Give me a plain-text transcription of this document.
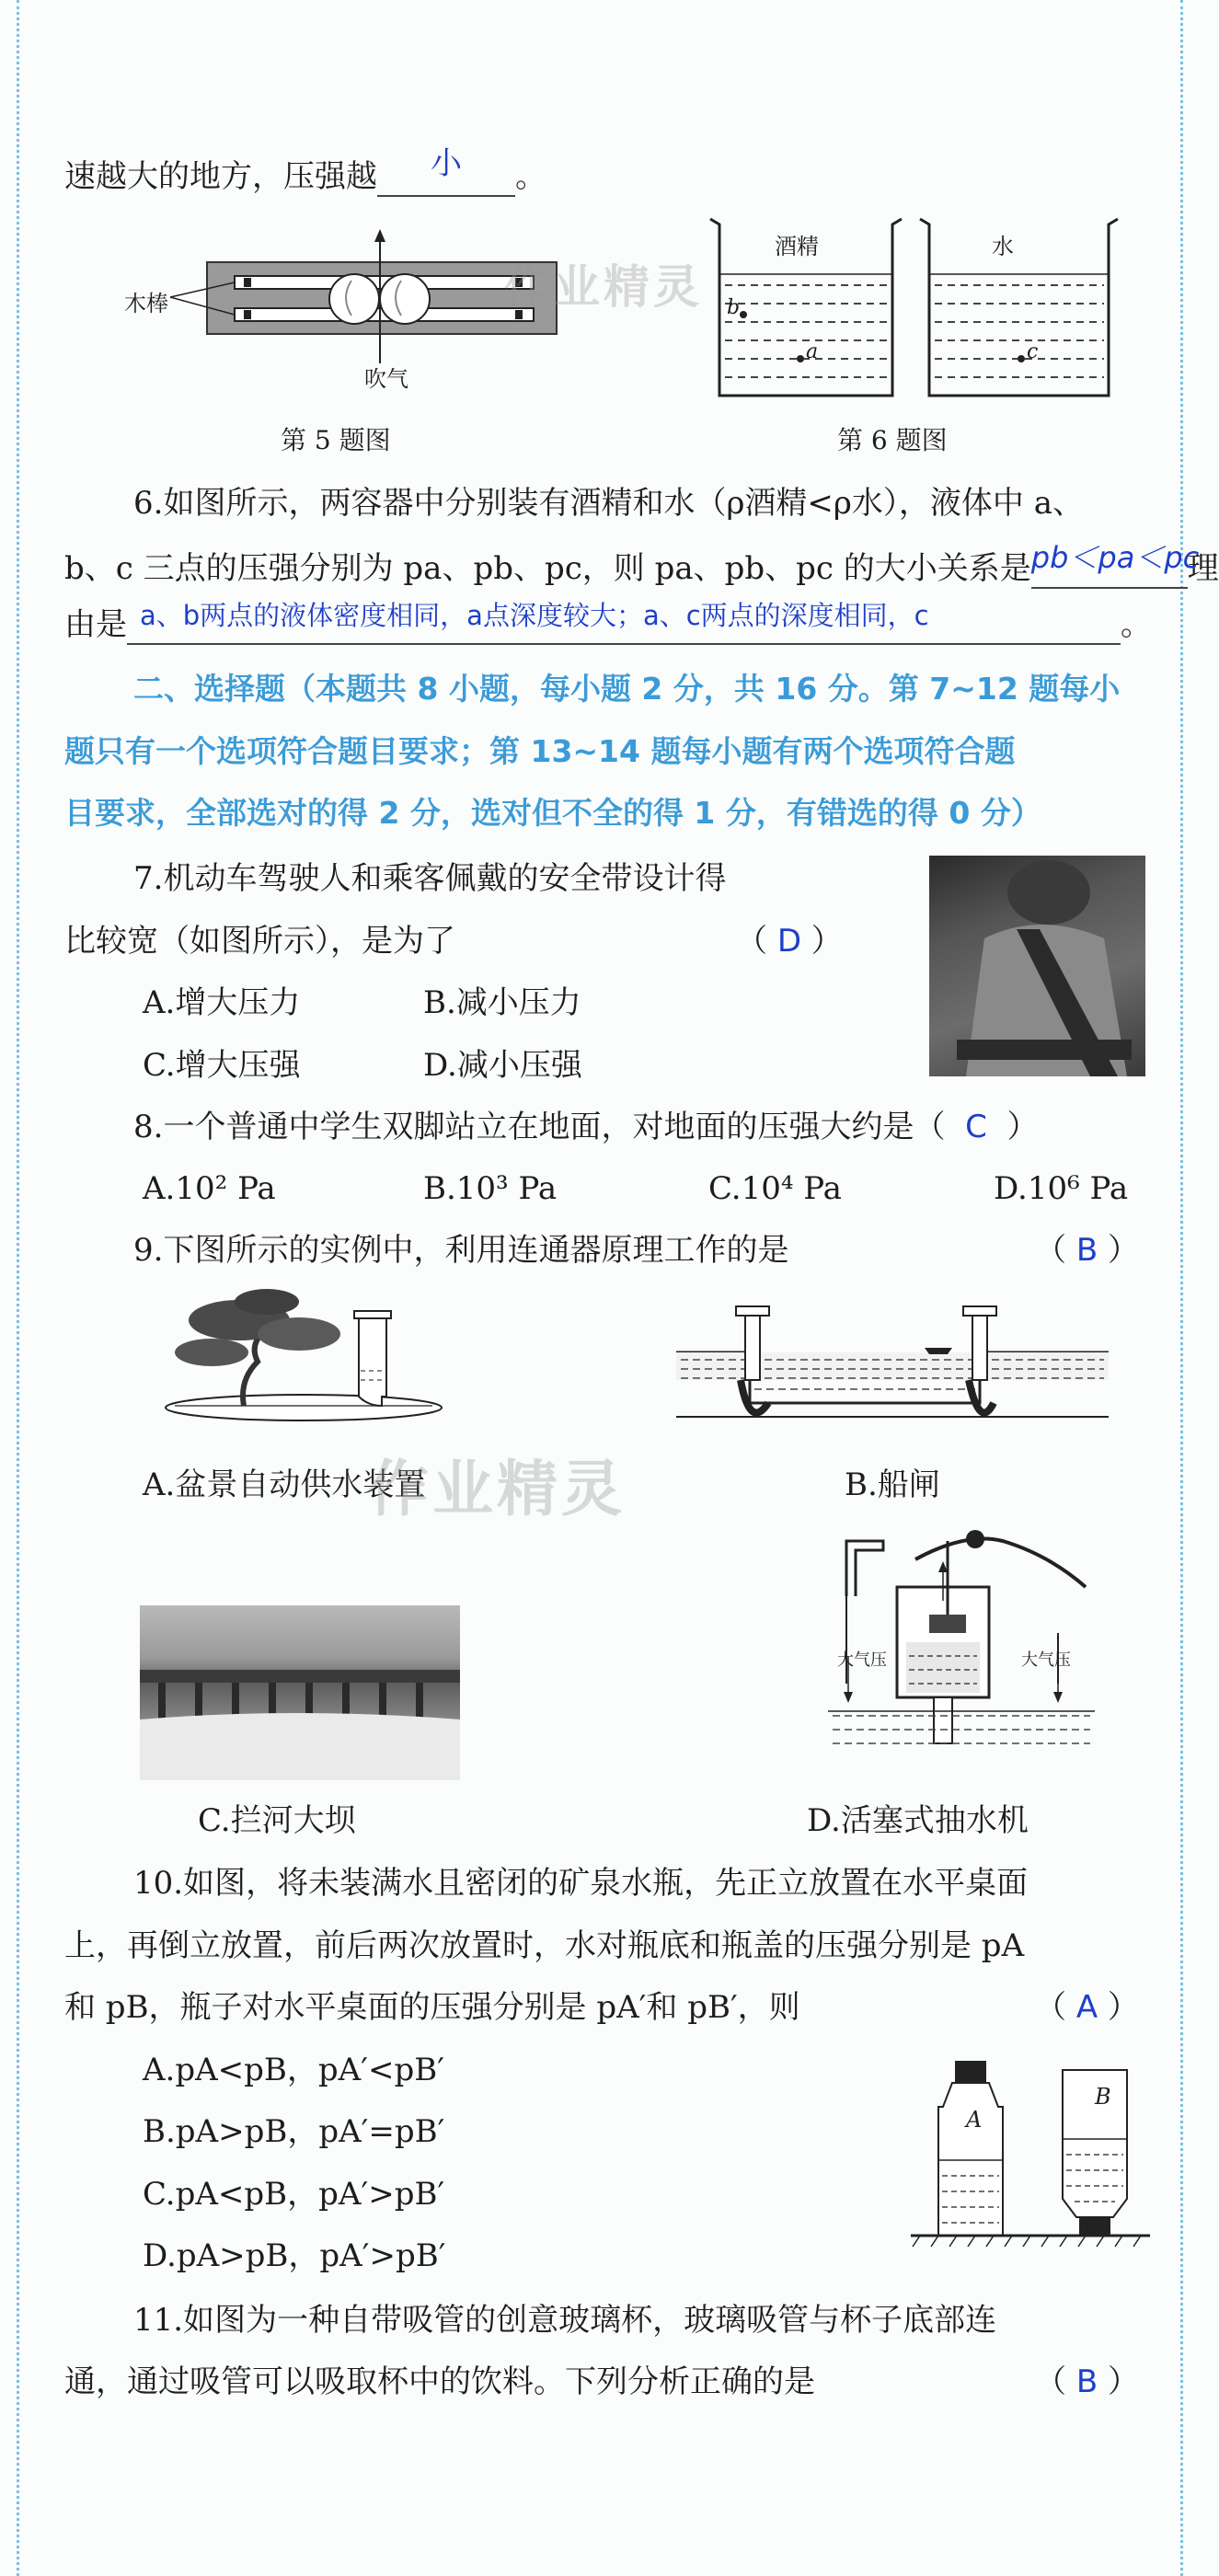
速越大的地方，压强越 小 。
木棒
吹气
第 5 题图
酒精	水
b
a	c
第 6 题图
作业精灵
6.如图所示，两容器中分别装有酒精和水（ρ酒精<ρ水），液体中 a、
b、c 三点的压强分别为 pa、pb、pc，则 pa、pb、pc 的大小关系是pb＜pa＜pc理
由是 a、b两点的液体密度相同，a点深度较大；a、c两点的深度相同，c	。
二、选择题（本题共 8 小题，每小题 2 分，共 16 分。第 7~12 题每小
题只有一个选项符合题目要求；第 13~14 题每小题有两个选项符合题
目要求，全部选对的得 2 分，选对但不全的得 1 分，有错选的得 0 分）
7.机动车驾驶人和乘客佩戴的安全带设计得
比较宽（如图所示），是为了	（ D ）
A.增大压力	B.减小压力
C.增大压强	D.减小压强
8.一个普通中学生双脚站立在地面，对地面的压强大约是（ C  ）
A.10² Pa	B.10³ Pa	C.10⁴ Pa	D.10⁶ Pa
9.下图所示的实例中，利用连通器原理工作的是	（ B ）
A.盆景自动供水装置	B.船闸
作业精灵
大气压	大气压
C.拦河大坝	D.活塞式抽水机
10.如图，将未装满水且密闭的矿泉水瓶，先正立放置在水平桌面
上，再倒立放置，前后两次放置时，水对瓶底和瓶盖的压强分别是 pA
和 pB，瓶子对水平桌面的压强分别是 pA′和 pB′，则	（ A ）
A.pA<pB，pA′<pB′
B.pA>pB，pA′=pB′
C.pA<pB，pA′>pB′
D.pA>pB，pA′>pB′
A
B
11.如图为一种自带吸管的创意玻璃杯，玻璃吸管与杯子底部连
通，通过吸管可以吸取杯中的饮料。下列分析正确的是	（ B ）
